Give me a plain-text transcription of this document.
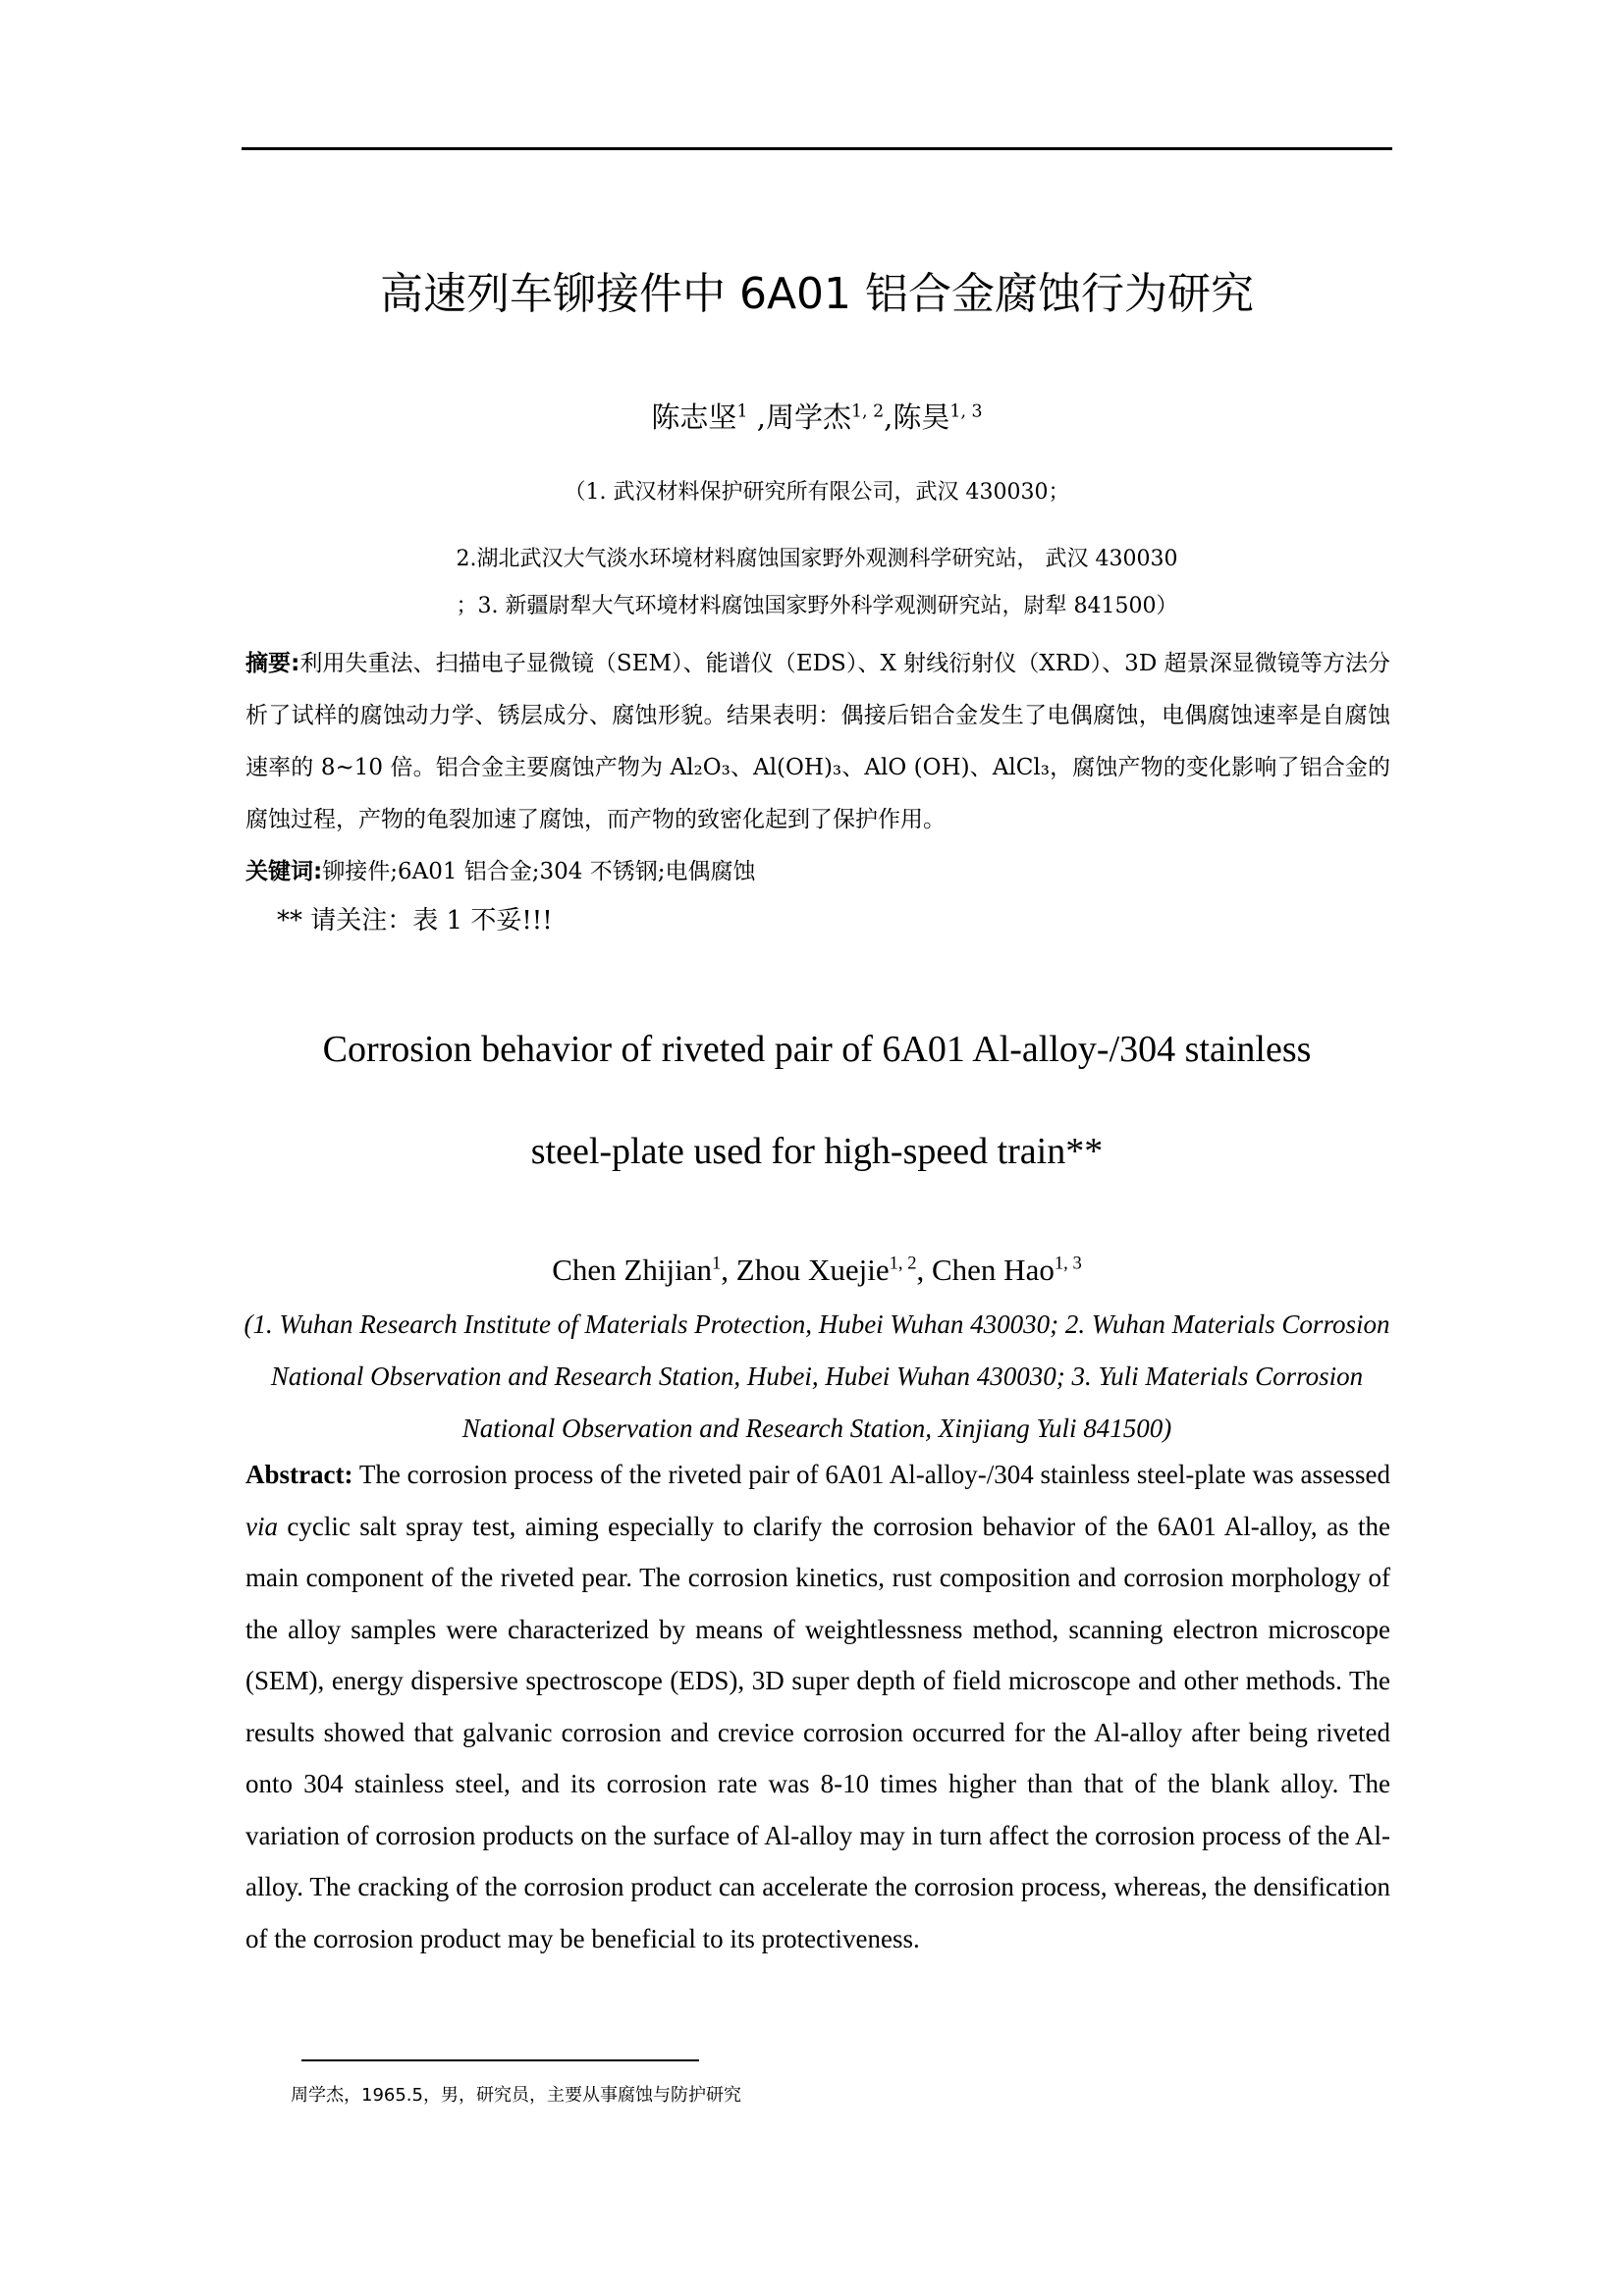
高速列车铆接件中 6A01 铝合金腐蚀行为研究
陈志坚$^1$ ,周学杰$^{1, 2}$,陈昊$^{1, 3}$
（1. 武汉材料保护研究所有限公司，武汉 430030；
2.湖北武汉大气淡水环境材料腐蚀国家野外观测科学研究站， 武汉 430030
；3. 新疆尉犁大气环境材料腐蚀国家野外科学观测研究站，尉犁 841500）
摘要:利用失重法、扫描电子显微镜（SEM）、能谱仪（EDS）、X 射线衍射仪（XRD）、3D 超景深显微镜等方法分析了试样的腐蚀动力学、锈层成分、腐蚀形貌。结果表明：偶接后铝合金发生了电偶腐蚀，电偶腐蚀速率是自腐蚀速率的 8~10 倍。铝合金主要腐蚀产物为 Al₂O₃、Al(OH)₃、AlO (OH)、AlCl₃，腐蚀产物的变化影响了铝合金的腐蚀过程，产物的龟裂加速了腐蚀，而产物的致密化起到了保护作用。
关键词:铆接件;6A01 铝合金;304 不锈钢;电偶腐蚀
** 请关注：表 1 不妥!!!
Corrosion behavior of riveted pair of 6A01 Al-alloy-/304 stainless
steel-plate used for high-speed train**
Chen Zhijian$^1$, Zhou Xuejie$^{1, 2}$, Chen Hao$^{1, 3}$
(1. Wuhan Research Institute of Materials Protection, Hubei Wuhan 430030; 2. Wuhan Materials Corrosion National Observation and Research Station, Hubei, Hubei Wuhan 430030; 3. Yuli Materials Corrosion National Observation and Research Station, Xinjiang Yuli 841500)
Abstract: The corrosion process of the riveted pair of 6A01 Al-alloy-/304 stainless steel-plate was assessed via cyclic salt spray test, aiming especially to clarify the corrosion behavior of the 6A01 Al-alloy, as the main component of the riveted pear. The corrosion kinetics, rust composition and corrosion morphology of the alloy samples were characterized by means of weightlessness method, scanning electron microscope (SEM), energy dispersive spectroscope (EDS), 3D super depth of field microscope and other methods. The results showed that galvanic corrosion and crevice corrosion occurred for the Al-alloy after being riveted onto 304 stainless steel, and its corrosion rate was 8-10 times higher than that of the blank alloy. The variation of corrosion products on the surface of Al-alloy may in turn affect the corrosion process of the Al-alloy. The cracking of the corrosion product can accelerate the corrosion process, whereas, the densification of the corrosion product may be beneficial to its protectiveness.
周学杰，1965.5，男，研究员，主要从事腐蚀与防护研究
